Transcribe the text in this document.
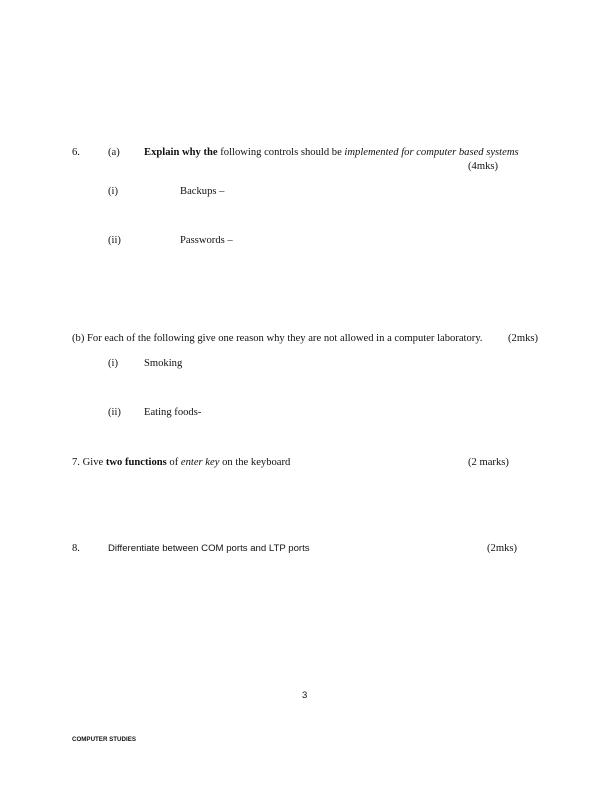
6.	(a) Explain why the following controls should be implemented for computer based systems
(4mks)
(i)	Backups –
(ii)	Passwords –
(b) For each of the following give one reason why they are not allowed in a computer laboratory. (2mks)
(i) Smoking
(ii) Eating foods-
7. Give two functions of enter key on the keyboard	(2 marks)
8.	Differentiate between COM ports and LTP ports	(2mks)
3
COMPUTER STUDIES
